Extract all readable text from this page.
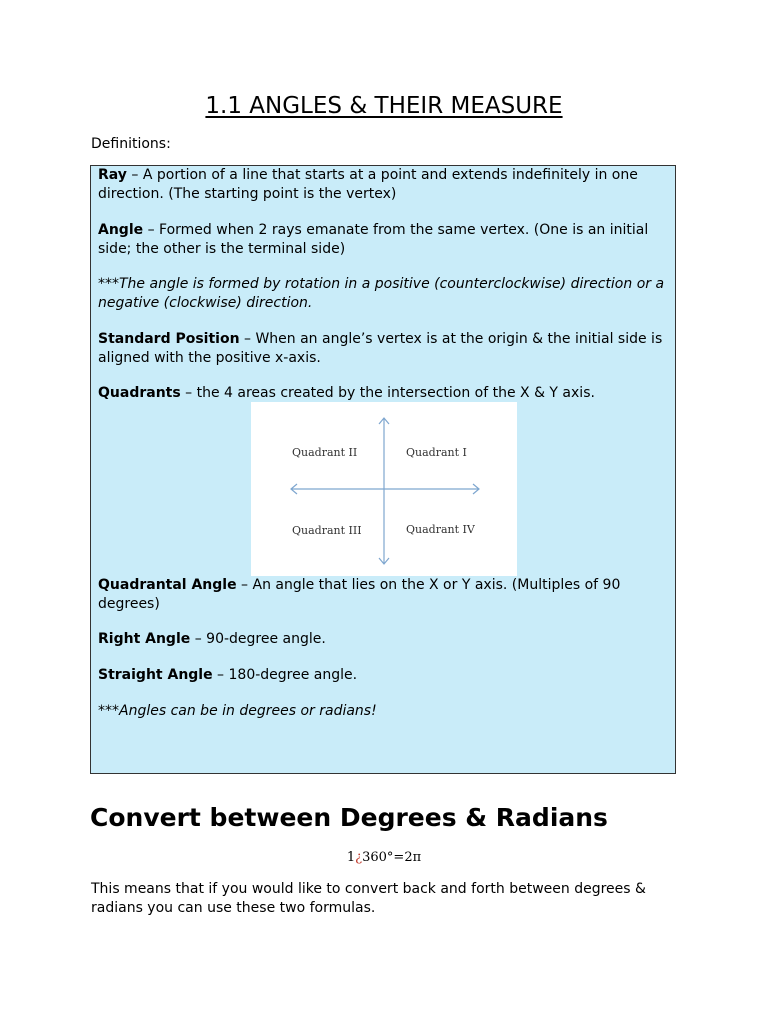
1.1 ANGLES & THEIR MEASURE
Definitions:

Ray – A portion of a line that starts at a point and extends indefinitely in one direction. (The starting point is the vertex)

Angle – Formed when 2 rays emanate from the same vertex. (One is an initial side; the other is the terminal side)

***The angle is formed by rotation in a positive (counterclockwise) direction or a negative (clockwise) direction.

Standard Position – When an angle’s vertex is at the origin & the initial side is aligned with the positive x-axis.

Quadrants – the 4 areas created by the intersection of the X & Y axis.

Quadrant II	Quadrant I
Quadrant III	Quadrant IV

Quadrantal Angle – An angle that lies on the X or Y axis. (Multiples of 90 degrees)

Right Angle – 90-degree angle.

Straight Angle – 180-degree angle.

***Angles can be in degrees or radians!

Convert between Degrees & Radians
1¿360°=2π

This means that if you would like to convert back and forth between degrees & radians you can use these two formulas.
